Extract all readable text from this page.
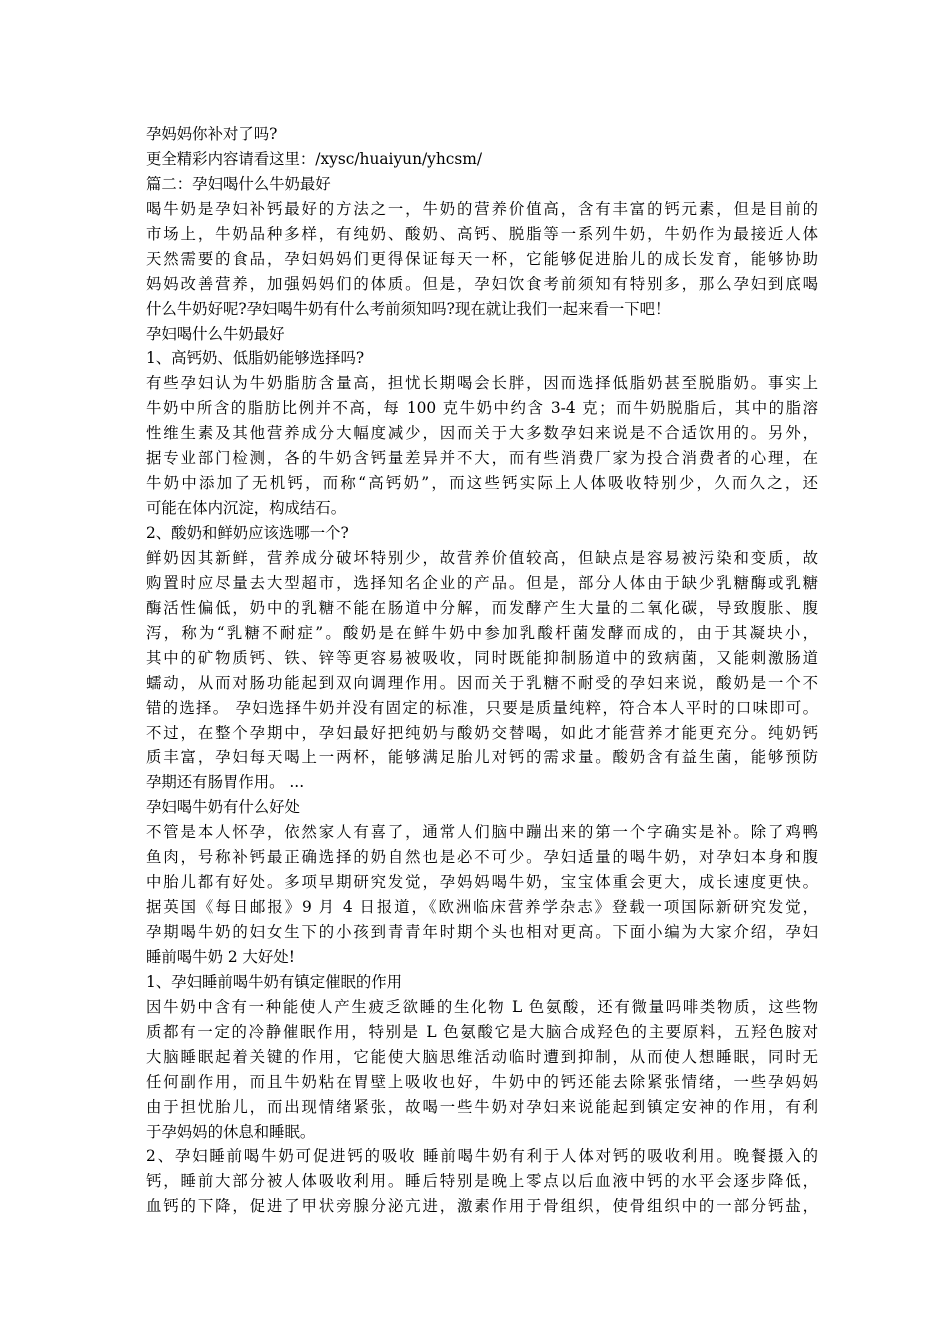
孕妈妈你补对了吗?
更全精彩内容请看这里：/xysc/huaiyun/yhcsm/
篇二：孕妇喝什么牛奶最好
喝牛奶是孕妇补钙最好的方法之一，牛奶的营养价值高，含有丰富的钙元素，但是目前的
市场上，牛奶品种多样，有纯奶、酸奶、高钙、脱脂等一系列牛奶，牛奶作为最接近人体
天然需要的食品，孕妇妈妈们更得保证每天一杯，它能够促进胎儿的成长发育，能够协助
妈妈改善营养，加强妈妈们的体质。但是，孕妇饮食考前须知有特别多，那么孕妇到底喝
什么牛奶好呢?孕妇喝牛奶有什么考前须知吗?现在就让我们一起来看一下吧！
孕妇喝什么牛奶最好
1、高钙奶、低脂奶能够选择吗?
有些孕妇认为牛奶脂肪含量高，担忧长期喝会长胖，因而选择低脂奶甚至脱脂奶。事实上
牛奶中所含的脂肪比例并不高，每 100 克牛奶中约含 3-4 克；而牛奶脱脂后，其中的脂溶
性维生素及其他营养成分大幅度减少，因而关于大多数孕妇来说是不合适饮用的。另外，
据专业部门检测，各的牛奶含钙量差异并不大，而有些消费厂家为投合消费者的心理，在
牛奶中添加了无机钙，而称“高钙奶”，而这些钙实际上人体吸收特别少，久而久之，还
可能在体内沉淀，构成结石。
2、酸奶和鲜奶应该选哪一个?
鲜奶因其新鲜，营养成分破坏特别少，故营养价值较高，但缺点是容易被污染和变质，故
购置时应尽量去大型超市，选择知名企业的产品。但是，部分人体由于缺少乳糖酶或乳糖
酶活性偏低，奶中的乳糖不能在肠道中分解，而发酵产生大量的二氧化碳，导致腹胀、腹
泻，称为“乳糖不耐症”。酸奶是在鲜牛奶中参加乳酸杆菌发酵而成的，由于其凝块小，
其中的矿物质钙、铁、锌等更容易被吸收，同时既能抑制肠道中的致病菌，又能刺激肠道
蠕动，从而对肠功能起到双向调理作用。因而关于乳糖不耐受的孕妇来说，酸奶是一个不
错的选择。 孕妇选择牛奶并没有固定的标准，只要是质量纯粹，符合本人平时的口味即可。
不过，在整个孕期中，孕妇最好把纯奶与酸奶交替喝，如此才能营养才能更充分。纯奶钙
质丰富，孕妇每天喝上一两杯，能够满足胎儿对钙的需求量。酸奶含有益生菌，能够预防
孕期还有肠胃作用。 ...
孕妇喝牛奶有什么好处
不管是本人怀孕，依然家人有喜了，通常人们脑中蹦出来的第一个字确实是补。除了鸡鸭
鱼肉，号称补钙最正确选择的奶自然也是必不可少。孕妇适量的喝牛奶，对孕妇本身和腹
中胎儿都有好处。多项早期研究发觉，孕妈妈喝牛奶，宝宝体重会更大，成长速度更快。
据英国《每日邮报》9 月 4 日报道，《欧洲临床营养学杂志》登载一项国际新研究发觉，
孕期喝牛奶的妇女生下的小孩到青青年时期个头也相对更高。下面小编为大家介绍，孕妇
睡前喝牛奶 2 大好处!
1、孕妇睡前喝牛奶有镇定催眠的作用
因牛奶中含有一种能使人产生疲乏欲睡的生化物 L 色氨酸，还有微量吗啡类物质，这些物
质都有一定的冷静催眠作用，特别是 L 色氨酸它是大脑合成羟色的主要原料，五羟色胺对
大脑睡眠起着关键的作用，它能使大脑思维活动临时遭到抑制，从而使人想睡眠，同时无
任何副作用，而且牛奶粘在胃壁上吸收也好，牛奶中的钙还能去除紧张情绪，一些孕妈妈
由于担忧胎儿，而出现情绪紧张，故喝一些牛奶对孕妇来说能起到镇定安神的作用，有利
于孕妈妈的休息和睡眠。
2、孕妇睡前喝牛奶可促进钙的吸收 睡前喝牛奶有利于人体对钙的吸收利用。晚餐摄入的
钙，睡前大部分被人体吸收利用。睡后特别是晚上零点以后血液中钙的水平会逐步降低，
血钙的下降，促进了甲状旁腺分泌亢进，激素作用于骨组织，使骨组织中的一部分钙盐，
